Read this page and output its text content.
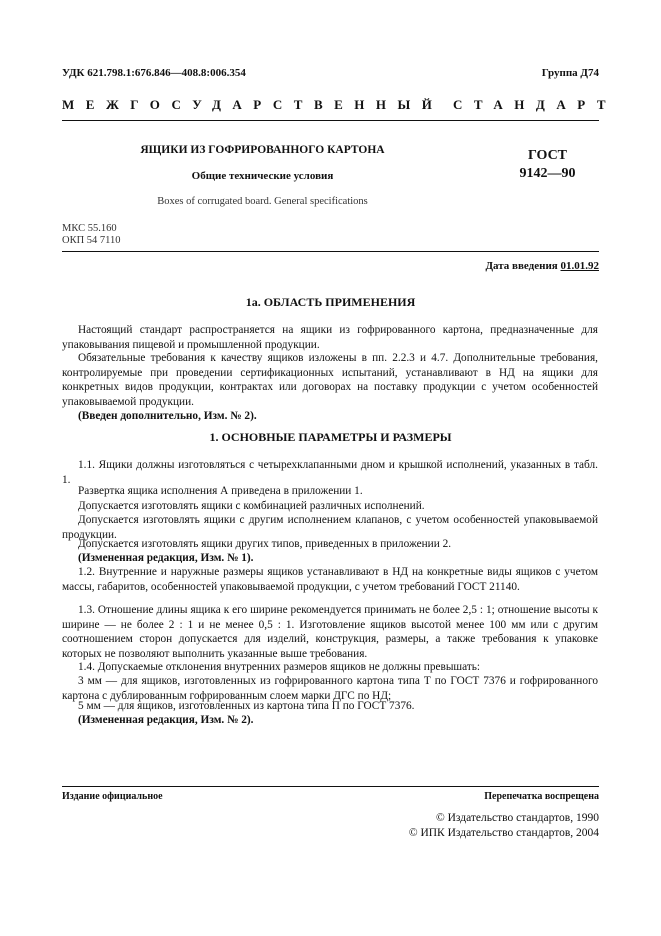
УДК 621.798.1:676.846—408.8:006.354	Группа Д74
МЕЖГОСУДАРСТВЕННЫЙ СТАНДАРТ
ЯЩИКИ ИЗ ГОФРИРОВАННОГО КАРТОНА
Общие технические условия
Boxes of corrugated board. General specifications
ГОСТ
9142—90
МКС 55.160
ОКП 54 7110
Дата введения 01.01.92
1а. ОБЛАСТЬ ПРИМЕНЕНИЯ
Настоящий стандарт распространяется на ящики из гофрированного картона, предназначенные для упаковывания пищевой и промышленной продукции.
Обязательные требования к качеству ящиков изложены в пп. 2.2.3 и 4.7. Дополнительные требования, контролируемые при проведении сертификационных испытаний, устанавливают в НД на ящики для конкретных видов продукции, контрактах или договорах на поставку продукции с учетом особенностей упаковываемой продукции.
(Введен дополнительно, Изм. № 2).
1. ОСНОВНЫЕ ПАРАМЕТРЫ И РАЗМЕРЫ
1.1. Ящики должны изготовляться с четырехклапанными дном и крышкой исполнений, указанных в табл. 1.
Развертка ящика исполнения А приведена в приложении 1.
Допускается изготовлять ящики с комбинацией различных исполнений.
Допускается изготовлять ящики с другим исполнением клапанов, с учетом особенностей упаковываемой продукции.
Допускается изготовлять ящики других типов, приведенных в приложении 2.
(Измененная редакция, Изм. № 1).
1.2. Внутренние и наружные размеры ящиков устанавливают в НД на конкретные виды ящиков с учетом массы, габаритов, особенностей упаковываемой продукции, с учетом требований ГОСТ 21140.
1.3. Отношение длины ящика к его ширине рекомендуется принимать не более 2,5 : 1; отношение высоты к ширине — не более 2 : 1 и не менее 0,5 : 1. Изготовление ящиков высотой менее 100 мм или с другим соотношением сторон допускается для изделий, конструкция, размеры, а также требования к упаковке которых не позволяют выполнить указанные выше требования.
1.4. Допускаемые отклонения внутренних размеров ящиков не должны превышать:
3 мм — для ящиков, изготовленных из гофрированного картона типа Т по ГОСТ 7376 и гофрированного картона с дублированным гофрированным слоем марки ДГС по НД;
5 мм — для ящиков, изготовленных из картона типа П по ГОСТ 7376.
(Измененная редакция, Изм. № 2).
Издание официальное	Перепечатка воспрещена
© Издательство стандартов, 1990
© ИПК Издательство стандартов, 2004
